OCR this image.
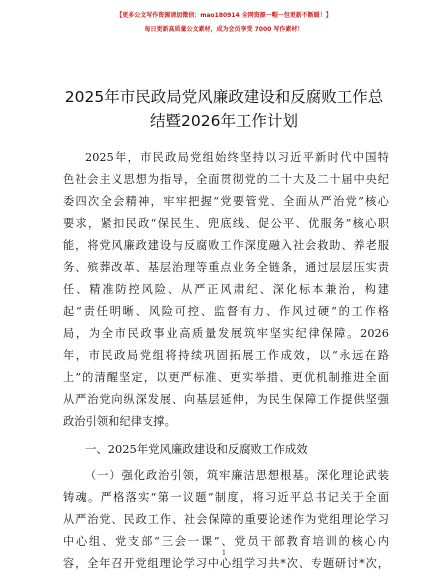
【更多公文写作资源请加微信：mao180914 全网资源一帽一包更新不断暖！】
每日更新高质量公文素材，成为会员享受 7000 写作素材！
2025年市民政局党风廉政建设和反腐败工作总
结暨2026年工作计划
2025年，市民政局党组始终坚持以习近平新时代中国特
色社会主义思想为指导，全面贯彻党的二十大及二十届中央纪
委四次全会精神，牢牢把握“党要管党、全面从严治党”核心
要求，紧扣民政“保民生、兜底线、促公平、优服务”核心职
能，将党风廉政建设与反腐败工作深度融入社会救助、养老服
务、殡葬改革、基层治理等重点业务全链条，通过层层压实责
任、精准防控风险、从严正风肃纪、深化标本兼治，构建
起“责任明晰、风险可控、监督有力、作风过硬”的工作格
局，为全市民政事业高质量发展筑牢坚实纪律保障。2026
年，市民政局党组将持续巩固拓展工作成效，以“永远在路
上”的清醒坚定，以更严标准、更实举措、更优机制推进全面
从严治党向纵深发展、向基层延伸，为民生保障工作提供坚强
政治引领和纪律支撑。
一、2025年党风廉政建设和反腐败工作成效
（一）强化政治引领，筑牢廉洁思想根基。深化理论武装
铸魂。严格落实“第一议题”制度，将习近平总书记关于全面
从严治党、民政工作、社会保障的重要论述作为党组理论学习
中心组、党支部“三会一课”、党员干部教育培训的核心内
容，全年召开党组理论学习中心组学习共*次、专题研讨*次，
1
